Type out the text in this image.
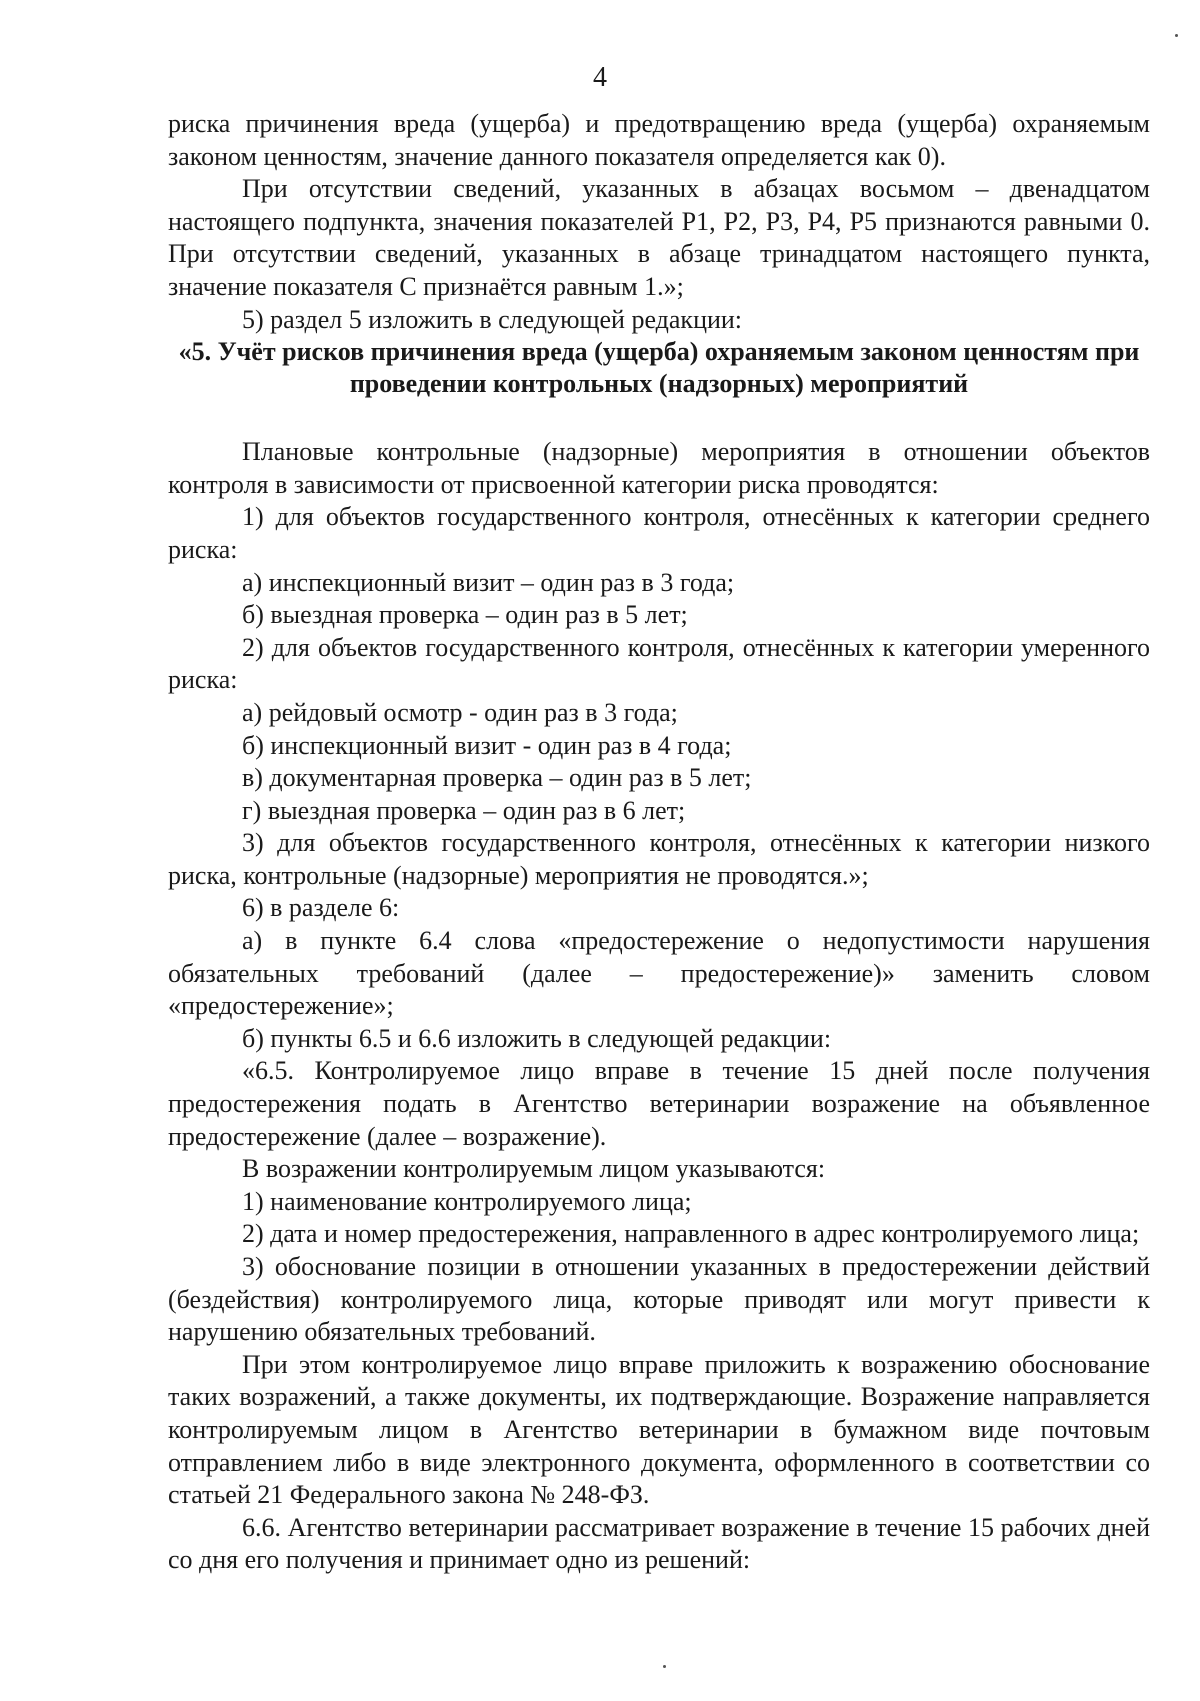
4

риска причинения вреда (ущерба) и предотвращению вреда (ущерба) охраняемым законом ценностям, значение данного показателя определяется как 0).

При отсутствии сведений, указанных в абзацах восьмом – двенадцатом настоящего подпункта, значения показателей P1, P2, P3, P4, P5 признаются равными 0. При отсутствии сведений, указанных в абзаце тринадцатом настоящего пункта, значение показателя С признаётся равным 1.»;

5) раздел 5 изложить в следующей редакции:

«5. Учёт рисков причинения вреда (ущерба) охраняемым законом ценностям при проведении контрольных (надзорных) мероприятий

Плановые контрольные (надзорные) мероприятия в отношении объектов контроля в зависимости от присвоенной категории риска проводятся:

1) для объектов государственного контроля, отнесённых к категории среднего риска:

а) инспекционный визит – один раз в 3 года;

б) выездная проверка – один раз в 5 лет;

2) для объектов государственного контроля, отнесённых к категории умеренного риска:

а) рейдовый осмотр - один раз в 3 года;

б) инспекционный визит - один раз в 4 года;

в) документарная проверка – один раз в 5 лет;

г) выездная проверка – один раз в 6 лет;

3) для объектов государственного контроля, отнесённых к категории низкого риска, контрольные (надзорные) мероприятия не проводятся.»;

6) в разделе 6:

а) в пункте 6.4 слова «предостережение о недопустимости нарушения обязательных требований (далее – предостережение)» заменить словом «предостережение»;

б) пункты 6.5 и 6.6 изложить в следующей редакции:

«6.5. Контролируемое лицо вправе в течение 15 дней после получения предостережения подать в Агентство ветеринарии возражение на объявленное предостережение (далее – возражение).

В возражении контролируемым лицом указываются:

1) наименование контролируемого лица;

2) дата и номер предостережения, направленного в адрес контролируемого лица;

3) обоснование позиции в отношении указанных в предостережении действий (бездействия) контролируемого лица, которые приводят или могут привести к нарушению обязательных требований.

При этом контролируемое лицо вправе приложить к возражению обоснование таких возражений, а также документы, их подтверждающие. Возражение направляется контролируемым лицом в Агентство ветеринарии в бумажном виде почтовым отправлением либо в виде электронного документа, оформленного в соответствии со статьей 21 Федерального закона № 248-ФЗ.

6.6. Агентство ветеринарии рассматривает возражение в течение 15 рабочих дней со дня его получения и принимает одно из решений:
